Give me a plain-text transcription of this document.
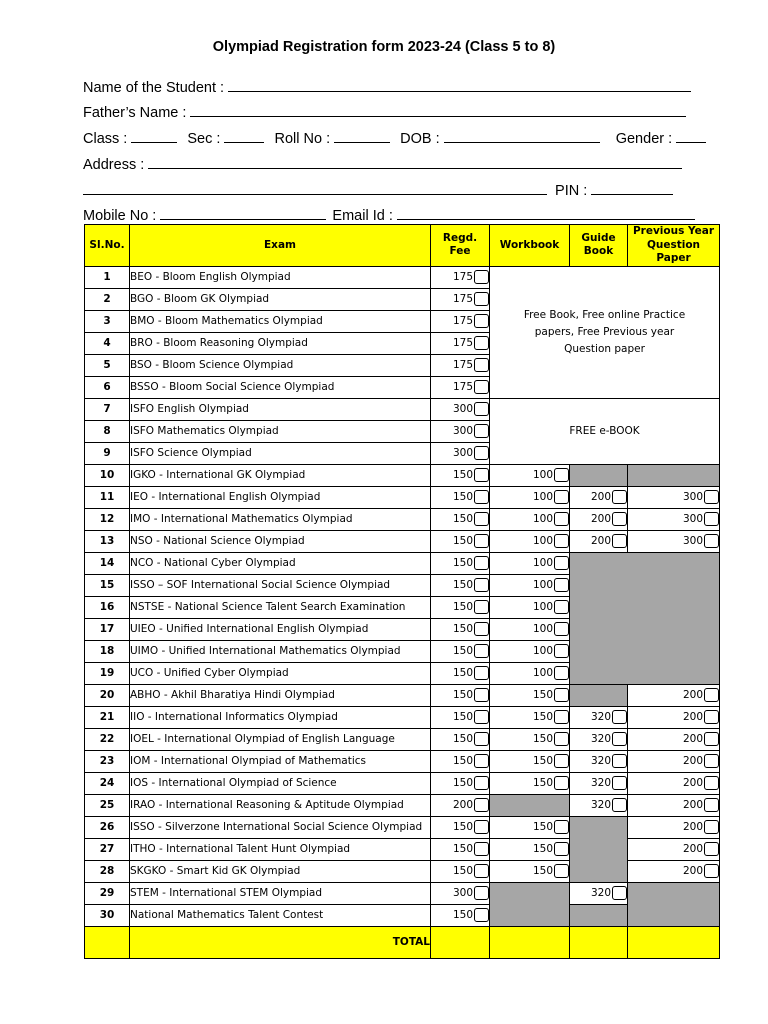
Olympiad Registration form 2023-24 (Class 5 to 8)
Name of the Student :
Father’s Name :
Class :	Sec :	Roll No :	DOB :	Gender :
Address :
PIN :
Mobile No :	Email Id :
Sl.No.	Exam	Regd. Fee	Workbook	Guide Book	Previous Year Question Paper
1	BEO - Bloom English Olympiad	175	Free Book, Free online Practice papers, Free Previous year Question paper		
2	BGO - Bloom GK Olympiad	175			
3	BMO - Bloom Mathematics Olympiad	175			
4	BRO - Bloom Reasoning Olympiad	175			
5	BSO - Bloom Science Olympiad	175			
6	BSSO - Bloom Social Science Olympiad	175			
7	ISFO English Olympiad	300	FREE e-BOOK		
8	ISFO Mathematics Olympiad	300			
9	ISFO Science Olympiad	300			
10	IGKO - International GK Olympiad	150	100		
11	IEO - International English Olympiad	150	100	200	300
12	IMO - International Mathematics Olympiad	150	100	200	300
13	NSO - National Science Olympiad	150	100	200	300
14	NCO - National Cyber Olympiad	150	100		
15	ISSO – SOF International Social Science Olympiad	150	100		
16	NSTSE - National Science Talent Search Examination	150	100		
17	UIEO - Unified International English Olympiad	150	100		
18	UIMO - Unified International Mathematics Olympiad	150	100		
19	UCO - Unified Cyber Olympiad	150	100		
20	ABHO - Akhil Bharatiya Hindi Olympiad	150	150		200
21	IIO - International Informatics Olympiad	150	150	320	200
22	IOEL - International Olympiad of English Language	150	150	320	200
23	IOM - International Olympiad of Mathematics	150	150	320	200
24	IOS - International Olympiad of Science	150	150	320	200
25	IRAO - International Reasoning & Aptitude Olympiad	200		320	200
26	ISSO - Silverzone International Social Science Olympiad	150	150		200
27	ITHO - International Talent Hunt Olympiad	150	150		200
28	SKGKO - Smart Kid GK Olympiad	150	150		200
29	STEM - International STEM Olympiad	300		320	
30	National Mathematics Talent Contest	150			
	TOTAL				
